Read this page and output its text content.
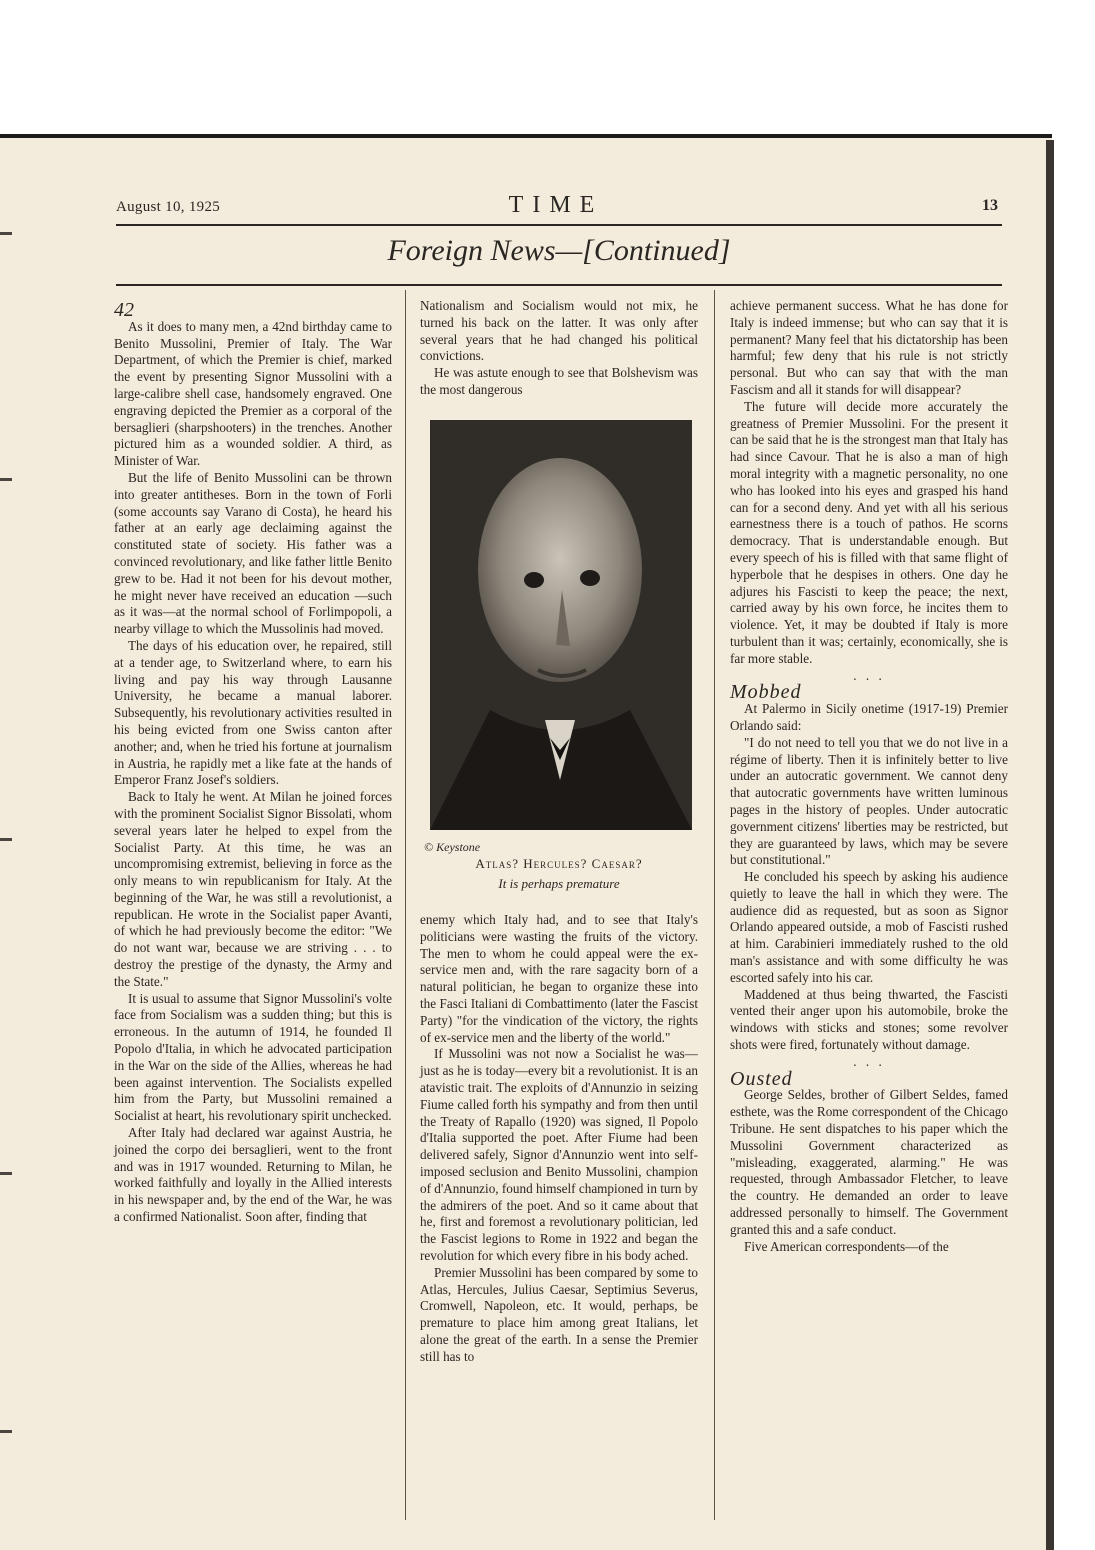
August 10, 1925	TIME	13
Foreign News—[Continued]

42

As it does to many men, a 42nd birthday came to Benito Mussolini, Premier of Italy. The War Department, of which the Premier is chief, marked the event by presenting Signor Mussolini with a large-calibre shell case, handsomely engraved. One engraving depicted the Premier as a corporal of the bersaglieri (sharpshooters) in the trenches. Another pictured him as a wounded soldier. A third, as Minister of War.

But the life of Benito Mussolini can be thrown into greater antitheses. Born in the town of Forli (some accounts say Varano di Costa), he heard his father at an early age declaiming against the constituted state of society. His father was a convinced revolutionary, and like father little Benito grew to be. Had it not been for his devout mother, he might never have received an education —such as it was—at the normal school of Forlimpopoli, a nearby village to which the Mussolinis had moved.

The days of his education over, he repaired, still at a tender age, to Switzerland where, to earn his living and pay his way through Lausanne University, he became a manual laborer. Subsequently, his revolutionary activities resulted in his being evicted from one Swiss canton after another; and, when he tried his fortune at journalism in Austria, he rapidly met a like fate at the hands of Emperor Franz Josef's soldiers.

Back to Italy he went. At Milan he joined forces with the prominent Socialist Signor Bissolati, whom several years later he helped to expel from the Socialist Party. At this time, he was an uncompromising extremist, believing in force as the only means to win republicanism for Italy. At the beginning of the War, he was still a revolutionist, a republican. He wrote in the Socialist paper Avanti, of which he had previously become the editor: "We do not want war, because we are striving . . . to destroy the prestige of the dynasty, the Army and the State."

It is usual to assume that Signor Mussolini's volte face from Socialism was a sudden thing; but this is erroneous. In the autumn of 1914, he founded Il Popolo d'Italia, in which he advocated participation in the War on the side of the Allies, whereas he had been against intervention. The Socialists expelled him from the Party, but Mussolini remained a Socialist at heart, his revolutionary spirit unchecked.

After Italy had declared war against Austria, he joined the corpo dei bersaglieri, went to the front and was in 1917 wounded. Returning to Milan, he worked faithfully and loyally in the Allied interests in his newspaper and, by the end of the War, he was a confirmed Nationalist. Soon after, finding that

Nationalism and Socialism would not mix, he turned his back on the latter. It was only after several years that he had changed his political convictions.

He was astute enough to see that Bolshevism was the most dangerous

© Keystone
Atlas? Hercules? Caesar?
It is perhaps premature

enemy which Italy had, and to see that Italy's politicians were wasting the fruits of the victory. The men to whom he could appeal were the ex-service men and, with the rare sagacity born of a natural politician, he began to organize these into the Fasci Italiani di Combattimento (later the Fascist Party) "for the vindication of the victory, the rights of ex-service men and the liberty of the world."

If Mussolini was not now a Socialist he was—just as he is today—every bit a revolutionist. It is an atavistic trait. The exploits of d'Annunzio in seizing Fiume called forth his sympathy and from then until the Treaty of Rapallo (1920) was signed, Il Popolo d'Italia supported the poet. After Fiume had been delivered safely, Signor d'Annunzio went into self-imposed seclusion and Benito Mussolini, champion of d'Annunzio, found himself championed in turn by the admirers of the poet. And so it came about that he, first and foremost a revolutionary politician, led the Fascist legions to Rome in 1922 and began the revolution for which every fibre in his body ached.

Premier Mussolini has been compared by some to Atlas, Hercules, Julius Caesar, Septimius Severus, Cromwell, Napoleon, etc. It would, perhaps, be premature to place him among great Italians, let alone the great of the earth. In a sense the Premier still has to

achieve permanent success. What he has done for Italy is indeed immense; but who can say that it is permanent? Many feel that his dictatorship has been harmful; few deny that his rule is not strictly personal. But who can say that with the man Fascism and all it stands for will disappear?

The future will decide more accurately the greatness of Premier Mussolini. For the present it can be said that he is the strongest man that Italy has had since Cavour. That he is also a man of high moral integrity with a magnetic personality, no one who has looked into his eyes and grasped his hand can for a second deny. And yet with all his serious earnestness there is a touch of pathos. He scorns democracy. That is understandable enough. But every speech of his is filled with that same flight of hyperbole that he despises in others. One day he adjures his Fascisti to keep the peace; the next, carried away by his own force, he incites them to violence. Yet, it may be doubted if Italy is more turbulent than it was; certainly, economically, she is far more stable.

. . .

Mobbed

At Palermo in Sicily onetime (1917-19) Premier Orlando said:

"I do not need to tell you that we do not live in a régime of liberty. Then it is infinitely better to live under an autocratic government. We cannot deny that autocratic governments have written luminous pages in the history of peoples. Under autocratic government citizens' liberties may be restricted, but they are guaranteed by laws, which may be severe but constitutional."

He concluded his speech by asking his audience quietly to leave the hall in which they were. The audience did as requested, but as soon as Signor Orlando appeared outside, a mob of Fascisti rushed at him. Carabinieri immediately rushed to the old man's assistance and with some difficulty he was escorted safely into his car.

Maddened at thus being thwarted, the Fascisti vented their anger upon his automobile, broke the windows with sticks and stones; some revolver shots were fired, fortunately without damage.

. . .

Ousted

George Seldes, brother of Gilbert Seldes, famed esthete, was the Rome correspondent of the Chicago Tribune. He sent dispatches to his paper which the Mussolini Government characterized as "misleading, exaggerated, alarming." He was requested, through Ambassador Fletcher, to leave the country. He demanded an order to leave addressed personally to himself. The Government granted this and a safe conduct.

Five American correspondents—of the
